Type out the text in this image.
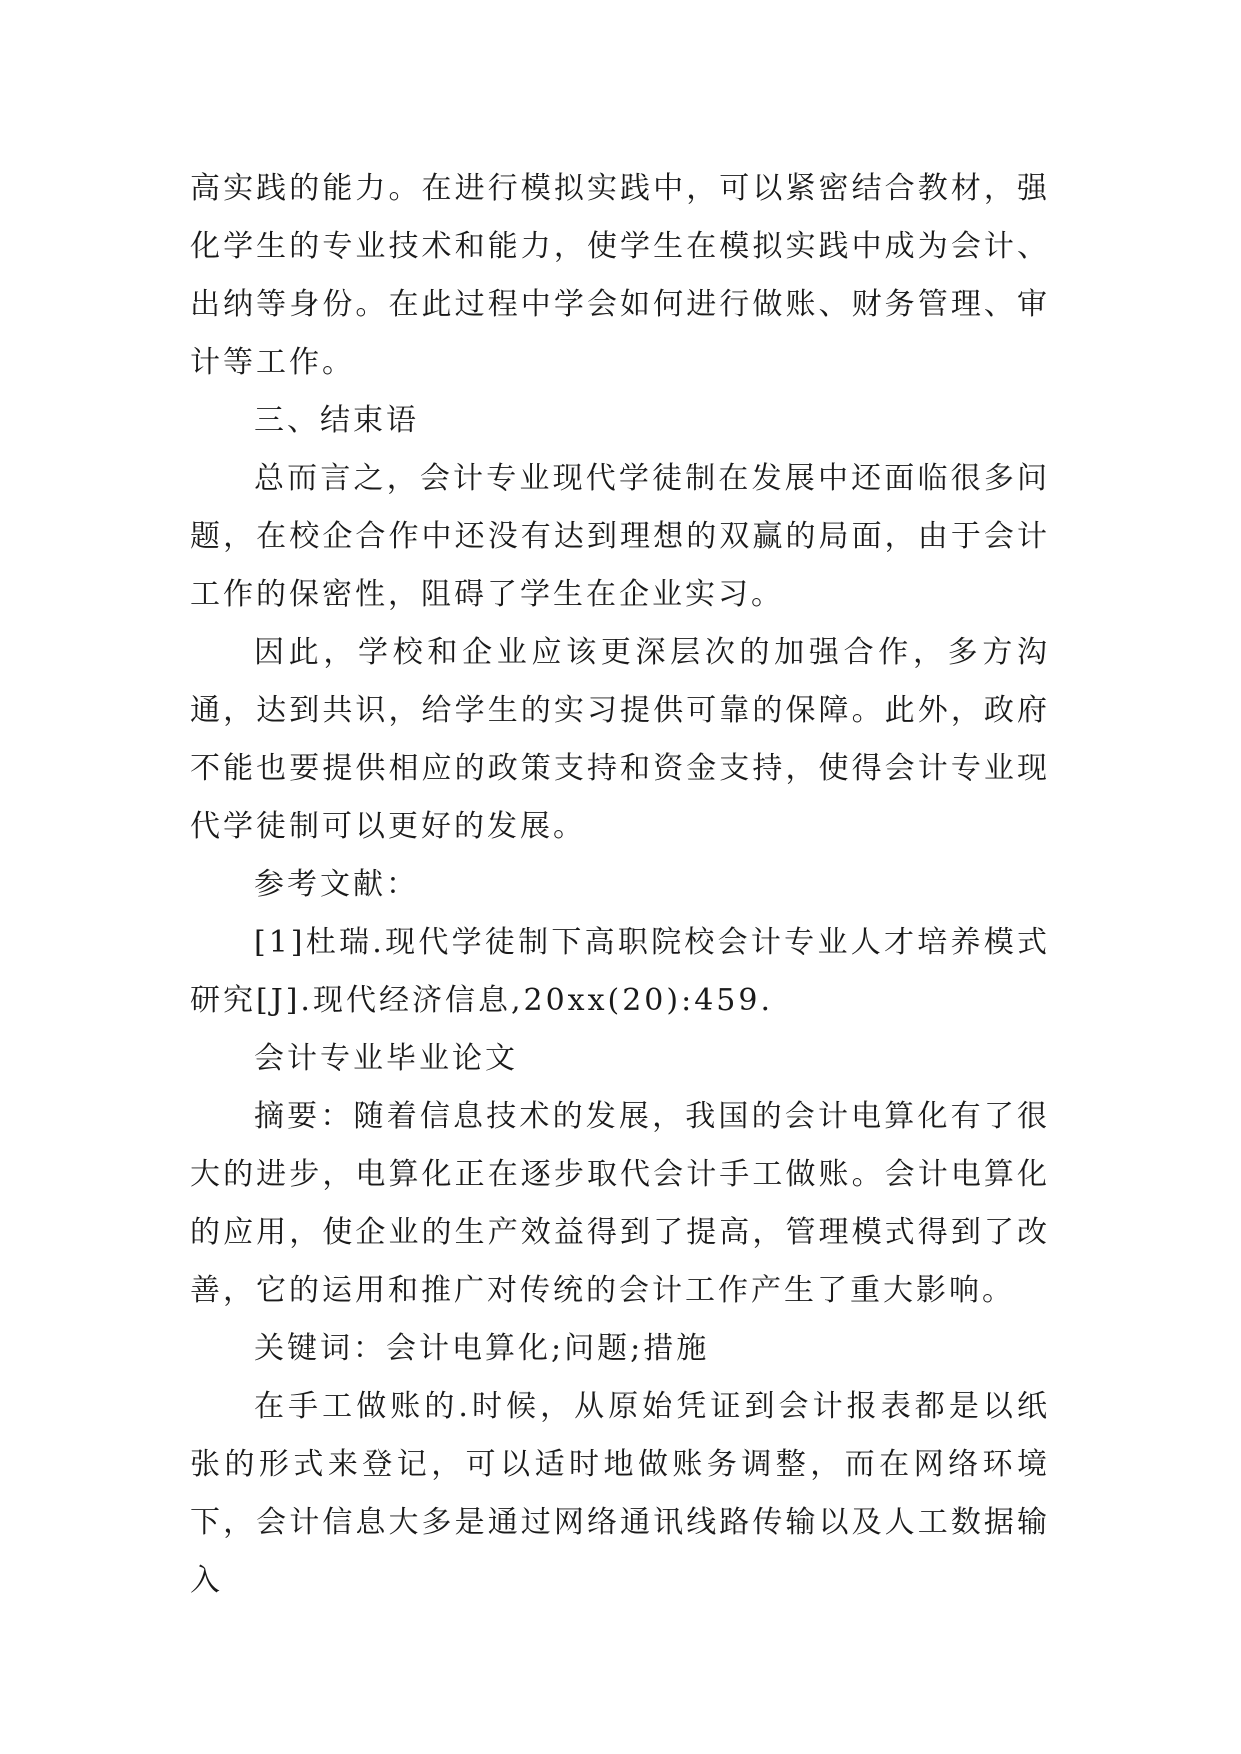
高实践的能力。在进行模拟实践中，可以紧密结合教材，强化学生的专业技术和能力，使学生在模拟实践中成为会计、出纳等身份。在此过程中学会如何进行做账、财务管理、审计等工作。

三、结束语

总而言之，会计专业现代学徒制在发展中还面临很多问题，在校企合作中还没有达到理想的双赢的局面，由于会计工作的保密性，阻碍了学生在企业实习。

因此，学校和企业应该更深层次的加强合作，多方沟通，达到共识，给学生的实习提供可靠的保障。此外，政府不能也要提供相应的政策支持和资金支持，使得会计专业现代学徒制可以更好的发展。

参考文献：

[1]杜瑞.现代学徒制下高职院校会计专业人才培养模式研究[J].现代经济信息,20xx(20):459.

会计专业毕业论文

摘要：随着信息技术的发展，我国的会计电算化有了很大的进步，电算化正在逐步取代会计手工做账。会计电算化的应用，使企业的生产效益得到了提高，管理模式得到了改善，它的运用和推广对传统的会计工作产生了重大影响。

关键词：会计电算化;问题;措施

在手工做账的.时候，从原始凭证到会计报表都是以纸张的形式来登记，可以适时地做账务调整，而在网络环境下，会计信息大多是通过网络通讯线路传输以及人工数据输入
